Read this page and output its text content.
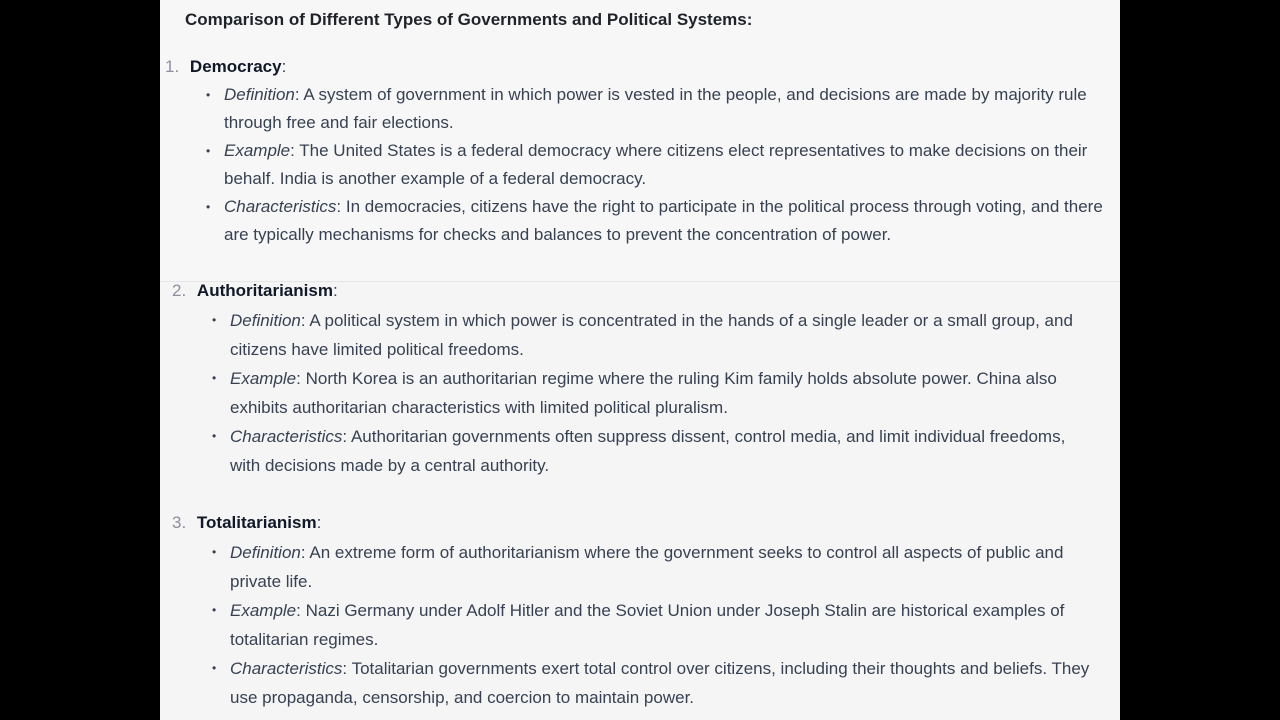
Comparison of Different Types of Governments and Political Systems:
1. Democracy:
• Definition: A system of government in which power is vested in the people, and decisions are made by majority rule through free and fair elections.
• Example: The United States is a federal democracy where citizens elect representatives to make decisions on their behalf. India is another example of a federal democracy.
• Characteristics: In democracies, citizens have the right to participate in the political process through voting, and there are typically mechanisms for checks and balances to prevent the concentration of power.
2. Authoritarianism:
• Definition: A political system in which power is concentrated in the hands of a single leader or a small group, and citizens have limited political freedoms.
• Example: North Korea is an authoritarian regime where the ruling Kim family holds absolute power. China also exhibits authoritarian characteristics with limited political pluralism.
• Characteristics: Authoritarian governments often suppress dissent, control media, and limit individual freedoms, with decisions made by a central authority.
3. Totalitarianism:
• Definition: An extreme form of authoritarianism where the government seeks to control all aspects of public and private life.
• Example: Nazi Germany under Adolf Hitler and the Soviet Union under Joseph Stalin are historical examples of totalitarian regimes.
• Characteristics: Totalitarian governments exert total control over citizens, including their thoughts and beliefs. They use propaganda, censorship, and coercion to maintain power.
